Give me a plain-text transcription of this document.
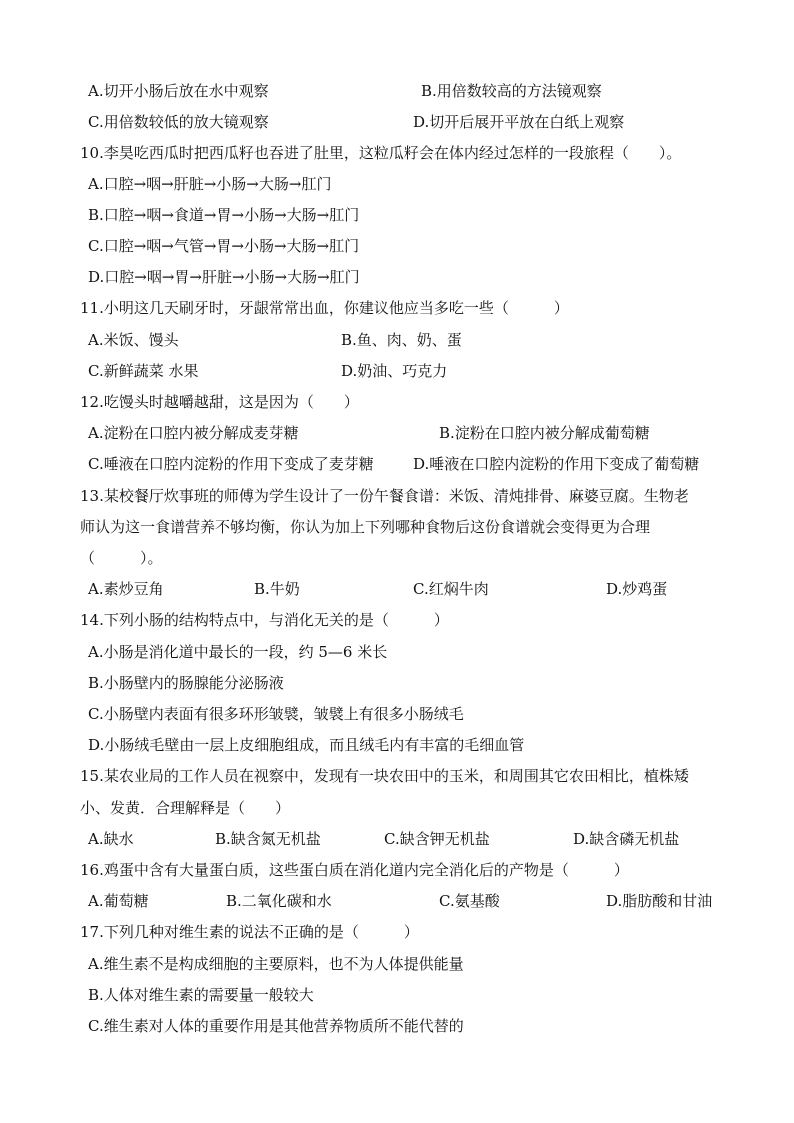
A.切开小肠后放在水中观察	B.用倍数较高的方法镜观察
C.用倍数较低的放大镜观察	D.切开后展开平放在白纸上观察
10.李昊吃西瓜时把西瓜籽也吞进了肚里，这粒瓜籽会在体内经过怎样的一段旅程（　　）。
A.口腔→咽→肝脏→小肠→大肠→肛门
B.口腔→咽→食道→胃→小肠→大肠→肛门
C.口腔→咽→气管→胃→小肠→大肠→肛门
D.口腔→咽→胃→肝脏→小肠→大肠→肛门
11.小明这几天刷牙时，牙龈常常出血，你建议他应当多吃一些（　　　）
A.米饭、馒头	B.鱼、肉、奶、蛋
C.新鲜蔬菜 水果	D.奶油、巧克力
12.吃馒头时越嚼越甜，这是因为（　　）
A.淀粉在口腔内被分解成麦芽糖	B.淀粉在口腔内被分解成葡萄糖
C.唾液在口腔内淀粉的作用下变成了麦芽糖	D.唾液在口腔内淀粉的作用下变成了葡萄糖
13.某校餐厅炊事班的师傅为学生设计了一份午餐食谱：米饭、清炖排骨、麻婆豆腐。生物老
师认为这一食谱营养不够均衡，你认为加上下列哪种食物后这份食谱就会变得更为合理
（　　　）。
A.素炒豆角	B.牛奶	C.红焖牛肉	D.炒鸡蛋
14.下列小肠的结构特点中，与消化无关的是（　　　）
A.小肠是消化道中最长的一段，约 5—6 米长
B.小肠壁内的肠腺能分泌肠液
C.小肠壁内表面有很多环形皱襞，皱襞上有很多小肠绒毛
D.小肠绒毛壁由一层上皮细胞组成，而且绒毛内有丰富的毛细血管
15.某农业局的工作人员在视察中，发现有一块农田中的玉米，和周围其它农田相比，植株矮
小、发黄．合理解释是（　　）
A.缺水	B.缺含氮无机盐	C.缺含钾无机盐	D.缺含磷无机盐
16.鸡蛋中含有大量蛋白质，这些蛋白质在消化道内完全消化后的产物是（　　　）
A.葡萄糖	B.二氧化碳和水	C.氨基酸	D.脂肪酸和甘油
17.下列几种对维生素的说法不正确的是（　　　）
A.维生素不是构成细胞的主要原料，也不为人体提供能量
B.人体对维生素的需要量一般较大
C.维生素对人体的重要作用是其他营养物质所不能代替的
